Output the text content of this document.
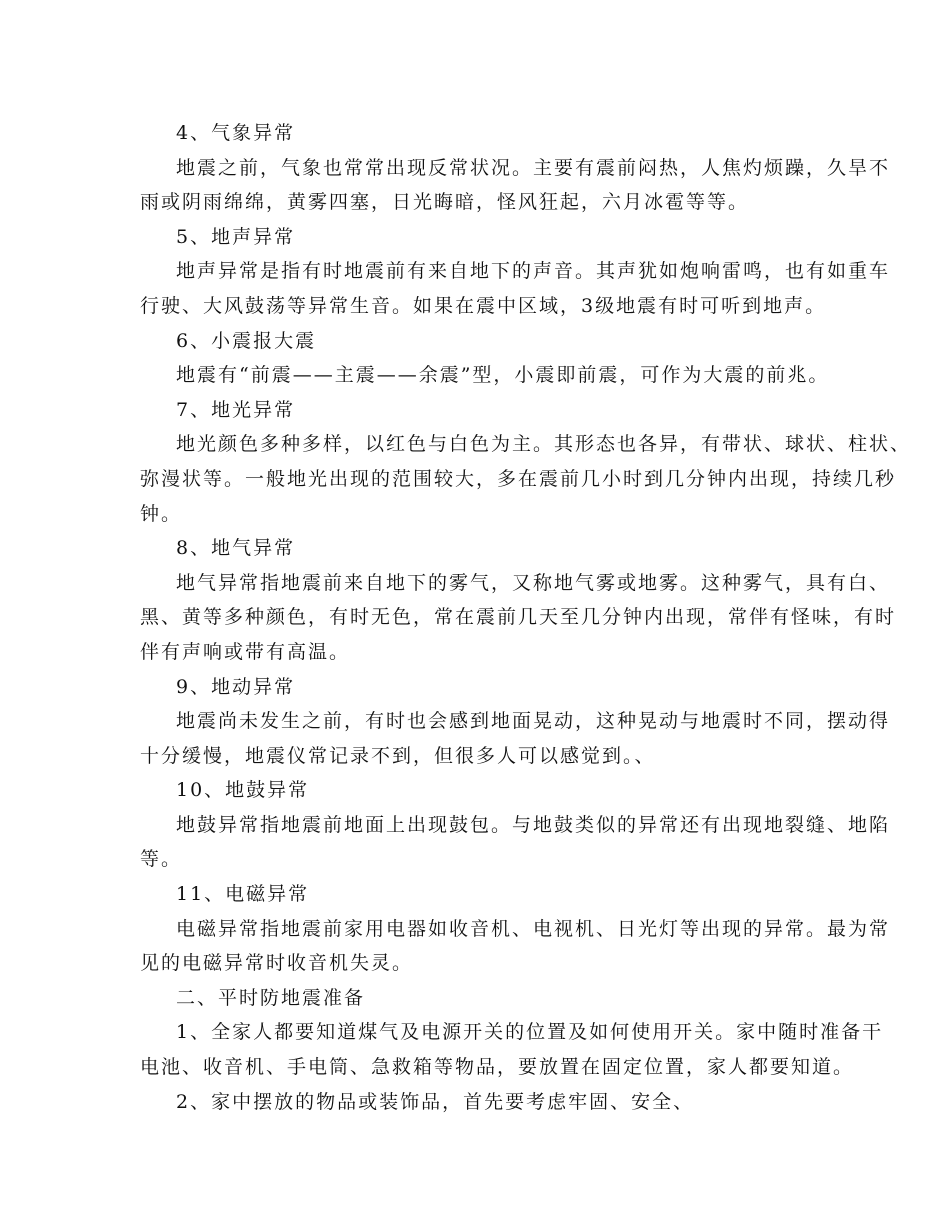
4、气象异常
地震之前，气象也常常出现反常状况。主要有震前闷热，人焦灼烦躁，久旱不
雨或阴雨绵绵，黄雾四塞，日光晦暗，怪风狂起，六月冰雹等等。
5、地声异常
地声异常是指有时地震前有来自地下的声音。其声犹如炮响雷鸣，也有如重车
行驶、大风鼓荡等异常生音。如果在震中区域，3级地震有时可听到地声。
6、小震报大震
地震有“前震——主震——余震”型，小震即前震，可作为大震的前兆。
7、地光异常
地光颜色多种多样，以红色与白色为主。其形态也各异，有带状、球状、柱状、
弥漫状等。一般地光出现的范围较大，多在震前几小时到几分钟内出现，持续几秒
钟。
8、地气异常
地气异常指地震前来自地下的雾气，又称地气雾或地雾。这种雾气，具有白、
黑、黄等多种颜色，有时无色，常在震前几天至几分钟内出现，常伴有怪味，有时
伴有声响或带有高温。
9、地动异常
地震尚未发生之前，有时也会感到地面晃动，这种晃动与地震时不同，摆动得
十分缓慢，地震仪常记录不到，但很多人可以感觉到。、
10、地鼓异常
地鼓异常指地震前地面上出现鼓包。与地鼓类似的异常还有出现地裂缝、地陷
等。
11、电磁异常
电磁异常指地震前家用电器如收音机、电视机、日光灯等出现的异常。最为常
见的电磁异常时收音机失灵。
二、平时防地震准备
1、全家人都要知道煤气及电源开关的位置及如何使用开关。家中随时准备干
电池、收音机、手电筒、急救箱等物品，要放置在固定位置，家人都要知道。
2、家中摆放的物品或装饰品，首先要考虑牢固、安全、
